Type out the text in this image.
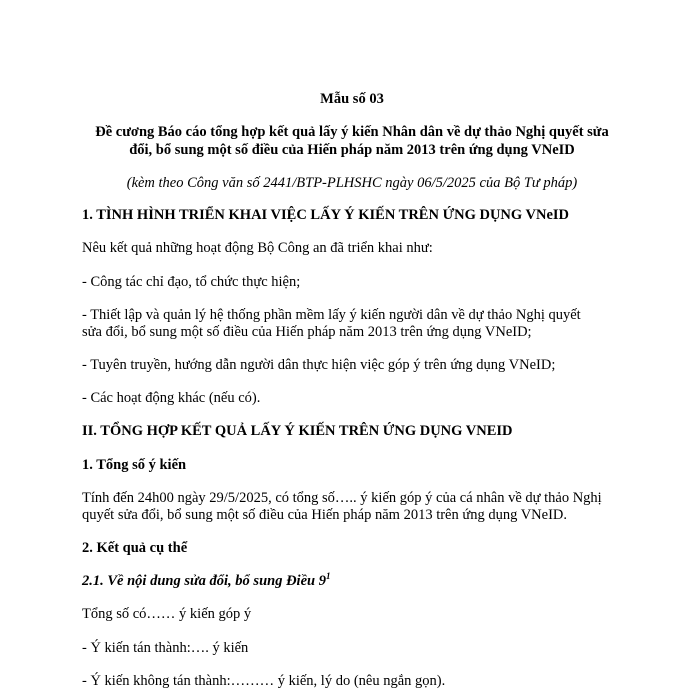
Mẫu số 03
Đề cương Báo cáo tổng hợp kết quả lấy ý kiến Nhân dân về dự thảo Nghị quyết sửa
đổi, bổ sung một số điều của Hiến pháp năm 2013 trên ứng dụng VNeID
(kèm theo Công văn số 2441/BTP-PLHSHC ngày 06/5/2025 của Bộ Tư pháp)
1. TÌNH HÌNH TRIỂN KHAI VIỆC LẤY Ý KIẾN TRÊN ỨNG DỤNG VNeID
Nêu kết quả những hoạt động Bộ Công an đã triển khai như:
- Công tác chỉ đạo, tổ chức thực hiện;
- Thiết lập và quản lý hệ thống phần mềm lấy ý kiến người dân về dự thảo Nghị quyết
sửa đổi, bổ sung một số điều của Hiến pháp năm 2013 trên ứng dụng VNeID;
- Tuyên truyền, hướng dẫn người dân thực hiện việc góp ý trên ứng dụng VNeID;
- Các hoạt động khác (nếu có).
II. TỔNG HỢP KẾT QUẢ LẤY Ý KIẾN TRÊN ỨNG DỤNG VNEID
1. Tổng số ý kiến
Tính đến 24h00 ngày 29/5/2025, có tổng số….. ý kiến góp ý của cá nhân về dự thảo Nghị
quyết sửa đổi, bổ sung một số điều của Hiến pháp năm 2013 trên ứng dụng VNeID.
2. Kết quả cụ thể
2.1. Về nội dung sửa đổi, bổ sung Điều $9^1$
Tổng số có…… ý kiến góp ý
- Ý kiến tán thành:…. ý kiến
- Ý kiến không tán thành:……… ý kiến, lý do (nêu ngắn gọn).
